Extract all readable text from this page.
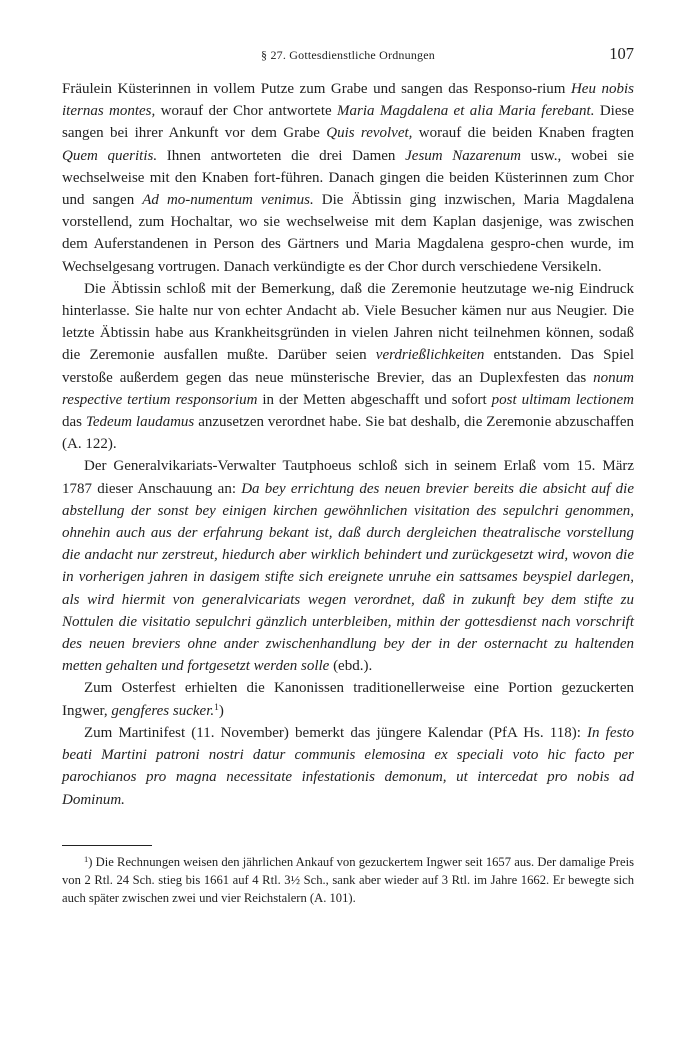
§ 27. Gottesdienstliche Ordnungen	107

Fräulein Küsterinnen in vollem Putze zum Grabe und sangen das Responso-rium Heu nobis iternas montes, worauf der Chor antwortete Maria Magdalena et alia Maria ferebant. Diese sangen bei ihrer Ankunft vor dem Grabe Quis revolvet, worauf die beiden Knaben fragten Quem queritis. Ihnen antworteten die drei Damen Jesum Nazarenum usw., wobei sie wechselweise mit den Knaben fort-führen. Danach gingen die beiden Küsterinnen zum Chor und sangen Ad mo-numentum venimus. Die Äbtissin ging inzwischen, Maria Magdalena vorstellend, zum Hochaltar, wo sie wechselweise mit dem Kaplan dasjenige, was zwischen dem Auferstandenen in Person des Gärtners und Maria Magdalena gespro-chen wurde, im Wechselgesang vortrugen. Danach verkündigte es der Chor durch verschiedene Versikeln.

Die Äbtissin schloß mit der Bemerkung, daß die Zeremonie heutzutage we-nig Eindruck hinterlasse. Sie halte nur von echter Andacht ab. Viele Besucher kämen nur aus Neugier. Die letzte Äbtissin habe aus Krankheitsgründen in vielen Jahren nicht teilnehmen können, sodaß die Zeremonie ausfallen mußte. Darüber seien verdrießlichkeiten entstanden. Das Spiel verstoße außerdem gegen das neue münsterische Brevier, das an Duplexfesten das nonum respective tertium responsorium in der Metten abgeschafft und sofort post ultimam lectionem das Tedeum laudamus anzusetzen verordnet habe. Sie bat deshalb, die Zeremonie abzuschaffen (A. 122).

Der Generalvikariats-Verwalter Tautphoeus schloß sich in seinem Erlaß vom 15. März 1787 dieser Anschauung an: Da bey errichtung des neuen brevier bereits die absicht auf die abstellung der sonst bey einigen kirchen gewöhnlichen visitation des sepulchri genommen, ohnehin auch aus der erfahrung bekant ist, daß durch dergleichen theatralische vorstellung die andacht nur zerstreut, hiedurch aber wirklich behindert und zurückgesetzt wird, wovon die in vorherigen jahren in dasigem stifte sich ereignete unruhe ein sattsames beyspiel darlegen, als wird hiermit von generalvicariats wegen verordnet, daß in zukunft bey dem stifte zu Nottulen die visitatio sepulchri gänzlich unterbleiben, mithin der gottesdienst nach vorschrift des neuen breviers ohne ander zwischenhandlung bey der in der osternacht zu haltenden metten gehalten und fortgesetzt werden solle (ebd.).

Zum Osterfest erhielten die Kanonissen traditionellerweise eine Portion gezuckerten Ingwer, gengferes sucker.$^1$)

Zum Martinifest (11. November) bemerkt das jüngere Kalendar (PfA Hs. 118): In festo beati Martini patroni nostri datur communis elemosina ex speciali voto hic facto per parochianos pro magna necessitate infestationis demonum, ut intercedat pro nobis ad Dominum.

$^1$) Die Rechnungen weisen den jährlichen Ankauf von gezuckertem Ingwer seit 1657 aus. Der damalige Preis von 2 Rtl. 24 Sch. stieg bis 1661 auf 4 Rtl. 3½ Sch., sank aber wieder auf 3 Rtl. im Jahre 1662. Er bewegte sich auch später zwischen zwei und vier Reichstalern (A. 101).
